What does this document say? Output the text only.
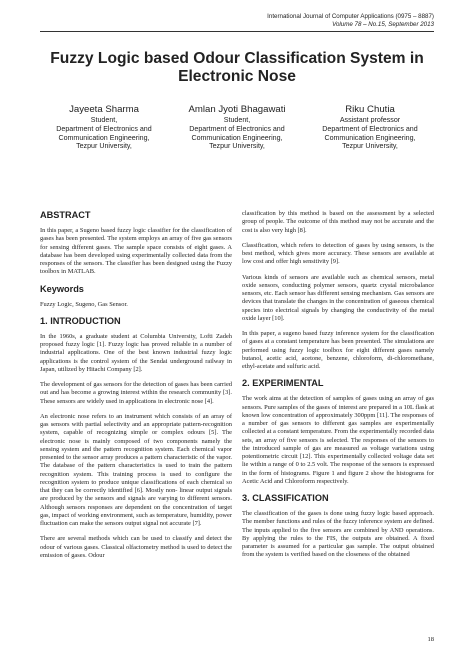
International Journal of Computer Applications (0975 – 8887)
Volume 78 – No.15, September 2013
Fuzzy Logic based Odour Classification System in Electronic Nose
Jayeeta Sharma
Student,
Department of Electronics and Communication Engineering,
Tezpur University,
Amlan Jyoti Bhagawati
Student,
Department of Electronics and Communication Engineering,
Tezpur University,
Riku Chutia
Assistant professor
Department of Electronics and Communication Engineering,
Tezpur University,
ABSTRACT

In this paper, a Sugeno based fuzzy logic classifier for the classification of gases has been presented. The system employs an array of five gas sensors for sensing different gases. The sample space consists of eight gases. A database has been developed using experimentally collected data from the responses of the sensors. The classifier has been designed using the Fuzzy toolbox in MATLAB.

Keywords

Fuzzy Logic, Sugeno, Gas Sensor.

1. INTRODUCTION

In the 1960s, a graduate student at Columbia University, Lofti Zadeh proposed fuzzy logic [1]. Fuzzy logic has proved reliable in a number of industrial applications. One of the best known industrial fuzzy logic applications is the control system of the Sendai underground railway in Japan, utilized by Hitachi Company [2].

The development of gas sensors for the detection of gases has been carried out and has become a growing interest within the research community [3]. These sensors are widely used in applications in electronic nose [4].

An electronic nose refers to an instrument which consists of an array of gas sensors with partial selectivity and an appropriate pattern-recognition system, capable of recognizing simple or complex odours [5]. The electronic nose is mainly composed of two components namely the sensing system and the pattern recognition system. Each chemical vapor presented to the sensor array produces a pattern characteristic of the vapor. The database of the pattern characteristics is used to train the pattern recognition system. This training process is used to configure the recognition system to produce unique classifications of each chemical so that they can be correctly identified [6]. Mostly non- linear output signals are produced by the sensors and signals are varying to different sensors. Although sensors responses are dependent on the concentration of target gas, impact of working environment, such as temperature, humidity, power fluctuation can make the sensors output signal not accurate [7].

There are several methods which can be used to classify and detect the odour of various gases. Classical olfactometry method is used to detect the emission of gases. Odour

classification by this method is based on the assessment by a selected group of people. The outcome of this method may not be accurate and the cost is also very high [8].

Classification, which refers to detection of gases by using sensors, is the best method, which gives more accuracy. These sensors are available at low cost and offer high sensitivity [9].

Various kinds of sensors are available such as chemical sensors, metal oxide sensors, conducting polymer sensors, quartz crystal microbalance sensors, etc. Each sensor has different sensing mechanism. Gas sensors are devices that translate the changes in the concentration of gaseous chemical species into electrical signals by changing the conductivity of the metal oxide layer [10].

In this paper, a sugeno based fuzzy inference system for the classification of gases at a constant temperature has been presented. The simulations are performed using fuzzy logic toolbox for eight different gases namely butanol, acetic acid, acetone, benzene, chloroform, di-chloromethane, ethyl-acetate and sulfuric acid.

2. EXPERIMENTAL

The work aims at the detection of samples of gases using an array of gas sensors. Pure samples of the gases of interest are prepared in a 10L flask at known low concentration of approximately 300ppm [11]. The responses of a number of gas sensors to different gas samples are experimentally collected at a constant temperature. From the experimentally recorded data sets, an array of five sensors is selected. The responses of the sensors to the introduced sample of gas are measured as voltage variations using potentiometric circuit [12]. This experimentally collected voltage data set lie within a range of 0 to 2.5 volt. The response of the sensors is expressed in the form of histograms. Figure 1 and figure 2 show the histograms for Acetic Acid and Chloroform respectively.

3. CLASSIFICATION

The classification of the gases is done using fuzzy logic based approach. The member functions and rules of the fuzzy inference system are defined. The inputs applied to the five sensors are combined by AND operations. By applying the rules to the FIS, the outputs are obtained. A fixed parameter is assumed for a particular gas sample. The output obtained from the system is verified based on the closeness of the obtained

18
